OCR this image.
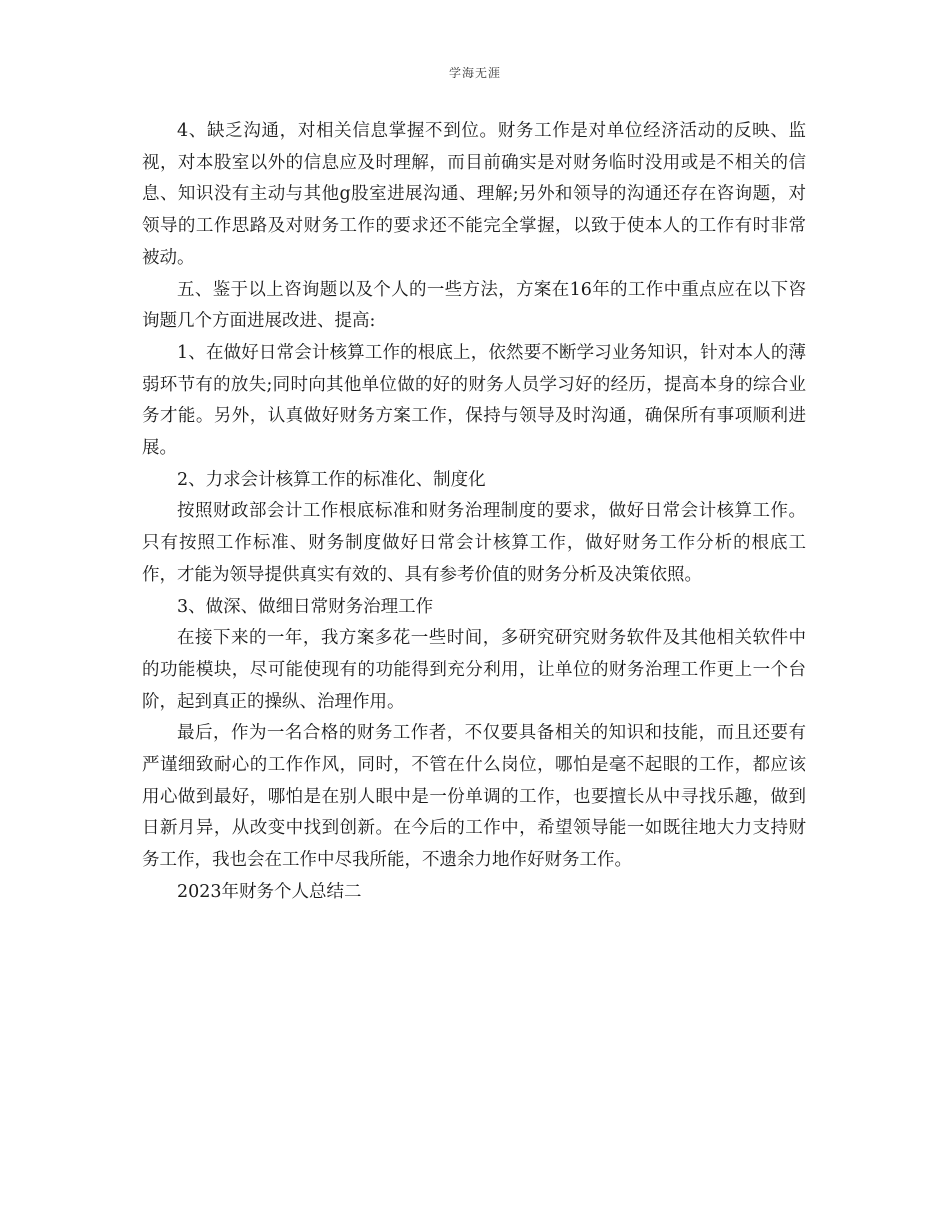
学海无涯

4、缺乏沟通，对相关信息掌握不到位。财务工作是对单位经济活动的反映、监视，对本股室以外的信息应及时理解，而目前确实是对财务临时没用或是不相关的信息、知识没有主动与其他g股室进展沟通、理解;另外和领导的沟通还存在咨询题，对领导的工作思路及对财务工作的要求还不能完全掌握，以致于使本人的工作有时非常被动。

五、鉴于以上咨询题以及个人的一些方法，方案在16年的工作中重点应在以下咨询题几个方面进展改进、提高:

1、在做好日常会计核算工作的根底上，依然要不断学习业务知识，针对本人的薄弱环节有的放失;同时向其他单位做的好的财务人员学习好的经历，提高本身的综合业务才能。另外，认真做好财务方案工作，保持与领导及时沟通，确保所有事项顺利进展。

2、力求会计核算工作的标准化、制度化

按照财政部会计工作根底标准和财务治理制度的要求，做好日常会计核算工作。只有按照工作标准、财务制度做好日常会计核算工作，做好财务工作分析的根底工作，才能为领导提供真实有效的、具有参考价值的财务分析及决策依照。

3、做深、做细日常财务治理工作

在接下来的一年，我方案多花一些时间，多研究研究财务软件及其他相关软件中的功能模块，尽可能使现有的功能得到充分利用，让单位的财务治理工作更上一个台阶，起到真正的操纵、治理作用。

最后，作为一名合格的财务工作者，不仅要具备相关的知识和技能，而且还要有严谨细致耐心的工作作风，同时，不管在什么岗位，哪怕是毫不起眼的工作，都应该用心做到最好，哪怕是在别人眼中是一份单调的工作，也要擅长从中寻找乐趣，做到日新月异，从改变中找到创新。在今后的工作中，希望领导能一如既往地大力支持财务工作，我也会在工作中尽我所能，不遗余力地作好财务工作。

2023年财务个人总结二
